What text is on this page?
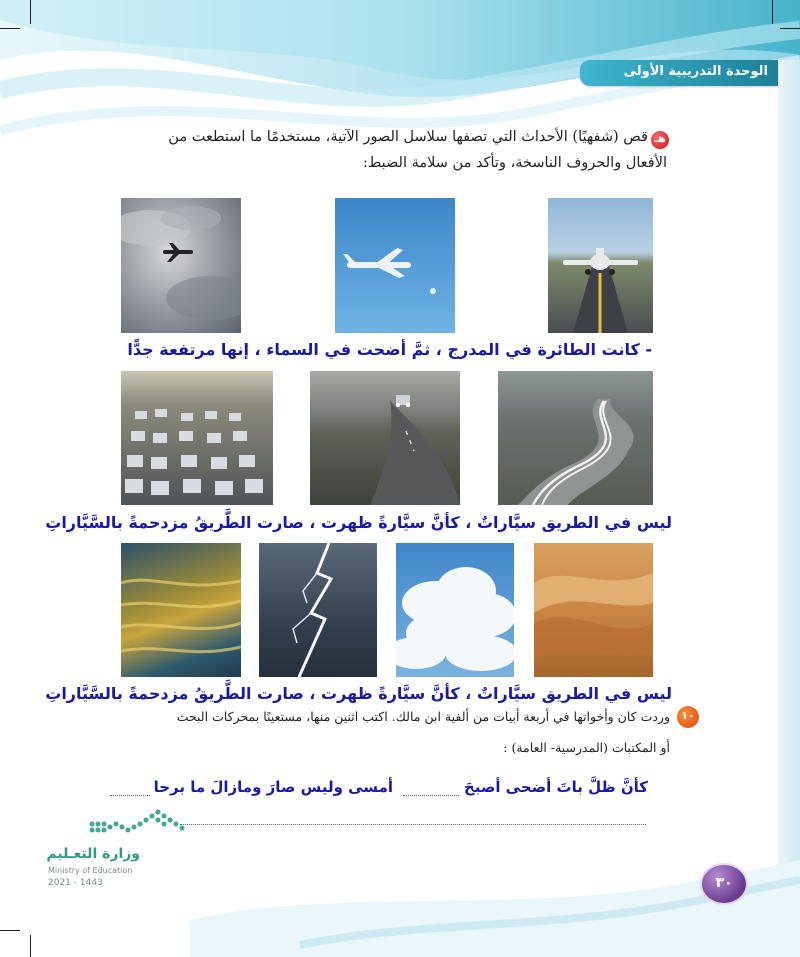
الوحدة التدريبية الأولى
هـ
قص (شفهيًا) الأحداث التي تصفها سلاسل الصور الآتية، مستخدمًا ما استطعت من
الأفعال والحروف الناسخة، وتأكد من سلامة الضبط:
- كانت الطائرة في المدرج ، ثمَّ أضحت في السماء ، إنها مرتفعة جدًّا
ليس في الطريق سيَّاراتٌ ، كأنَّ سيَّارةً ظهرت ، صارت الطَّريقُ مزدحمةً بالسَّيَّاراتِ
ليس في الطريق سيَّاراتٌ ، كأنَّ سيَّارةً ظهرت ، صارت الطَّريقُ مزدحمةً بالسَّيَّاراتِ
١٠
وردت كان وأخواتها في أربعة أبيات من ألفية ابن مالك. اكتب اثنين منها، مستعينًا بمحركات البحث
أو المكتبات (المدرسية- العامة) :
كأنَّ ظلَّ باتَ أضحى أصبحَ
أمسى وليس صارَ ومازالَ ما برحا
وزارة التعـليم
Ministry of Education
2021 - 1443	٣٠
